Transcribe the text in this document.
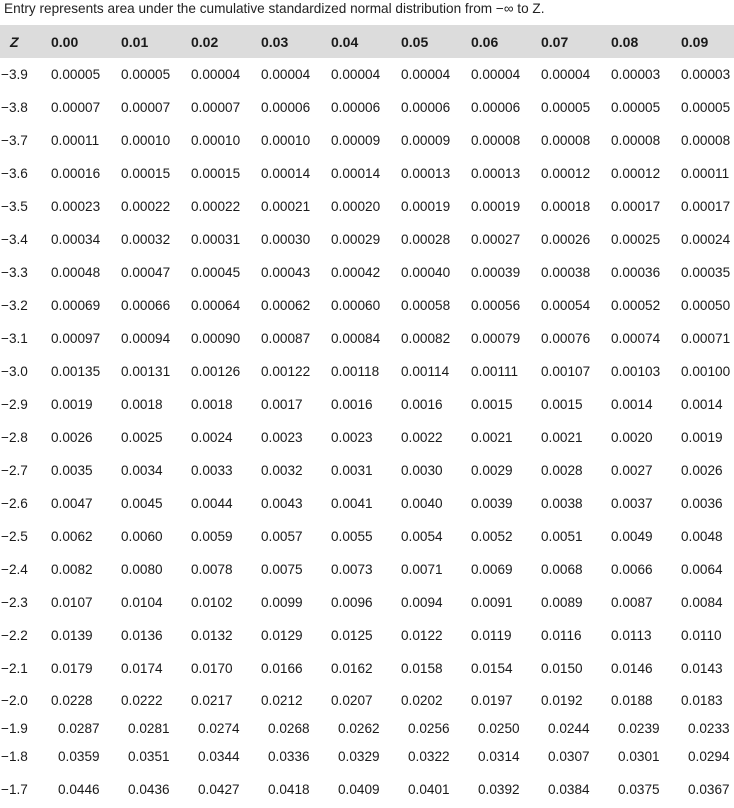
Entry represents area under the cumulative standardized normal distribution from −∞ to Z.
Z	0.00	0.01	0.02	0.03	0.04	0.05	0.06	0.07	0.08	0.09
−3.9	0.00005	0.00005	0.00004	0.00004	0.00004	0.00004	0.00004	0.00004	0.00003	0.00003
−3.8	0.00007	0.00007	0.00007	0.00006	0.00006	0.00006	0.00006	0.00005	0.00005	0.00005
−3.7	0.00011	0.00010	0.00010	0.00010	0.00009	0.00009	0.00008	0.00008	0.00008	0.00008
−3.6	0.00016	0.00015	0.00015	0.00014	0.00014	0.00013	0.00013	0.00012	0.00012	0.00011
−3.5	0.00023	0.00022	0.00022	0.00021	0.00020	0.00019	0.00019	0.00018	0.00017	0.00017
−3.4	0.00034	0.00032	0.00031	0.00030	0.00029	0.00028	0.00027	0.00026	0.00025	0.00024
−3.3	0.00048	0.00047	0.00045	0.00043	0.00042	0.00040	0.00039	0.00038	0.00036	0.00035
−3.2	0.00069	0.00066	0.00064	0.00062	0.00060	0.00058	0.00056	0.00054	0.00052	0.00050
−3.1	0.00097	0.00094	0.00090	0.00087	0.00084	0.00082	0.00079	0.00076	0.00074	0.00071
−3.0	0.00135	0.00131	0.00126	0.00122	0.00118	0.00114	0.00111	0.00107	0.00103	0.00100
−2.9	0.0019	0.0018	0.0018	0.0017	0.0016	0.0016	0.0015	0.0015	0.0014	0.0014
−2.8	0.0026	0.0025	0.0024	0.0023	0.0023	0.0022	0.0021	0.0021	0.0020	0.0019
−2.7	0.0035	0.0034	0.0033	0.0032	0.0031	0.0030	0.0029	0.0028	0.0027	0.0026
−2.6	0.0047	0.0045	0.0044	0.0043	0.0041	0.0040	0.0039	0.0038	0.0037	0.0036
−2.5	0.0062	0.0060	0.0059	0.0057	0.0055	0.0054	0.0052	0.0051	0.0049	0.0048
−2.4	0.0082	0.0080	0.0078	0.0075	0.0073	0.0071	0.0069	0.0068	0.0066	0.0064
−2.3	0.0107	0.0104	0.0102	0.0099	0.0096	0.0094	0.0091	0.0089	0.0087	0.0084
−2.2	0.0139	0.0136	0.0132	0.0129	0.0125	0.0122	0.0119	0.0116	0.0113	0.0110
−2.1	0.0179	0.0174	0.0170	0.0166	0.0162	0.0158	0.0154	0.0150	0.0146	0.0143
−2.0	0.0228	0.0222	0.0217	0.0212	0.0207	0.0202	0.0197	0.0192	0.0188	0.0183
−1.9	0.0287	0.0281	0.0274	0.0268	0.0262	0.0256	0.0250	0.0244	0.0239	0.0233
−1.8	0.0359	0.0351	0.0344	0.0336	0.0329	0.0322	0.0314	0.0307	0.0301	0.0294
−1.7	0.0446	0.0436	0.0427	0.0418	0.0409	0.0401	0.0392	0.0384	0.0375	0.0367
